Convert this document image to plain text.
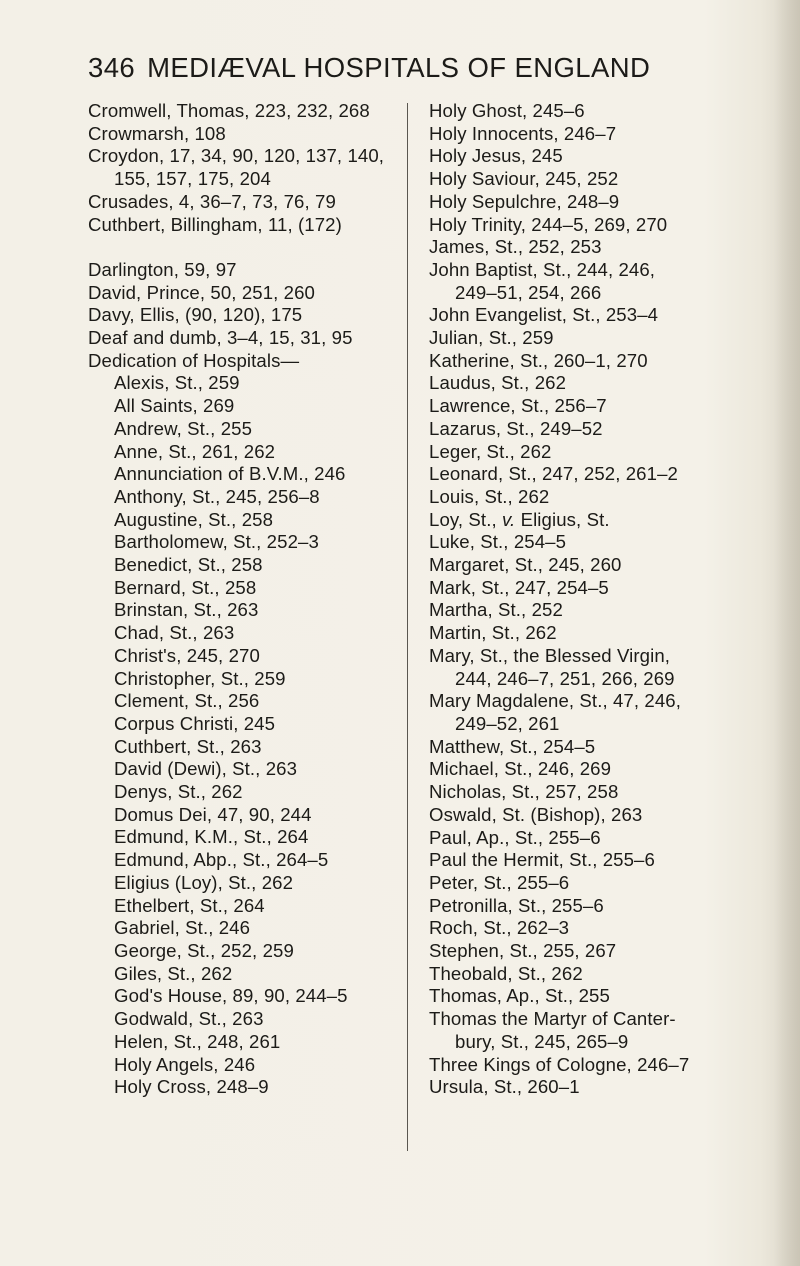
346 MEDIÆVAL HOSPITALS OF ENGLAND
Cromwell, Thomas, 223, 232, 268
Crowmarsh, 108
Croydon, 17, 34, 90, 120, 137, 140,
155, 157, 175, 204
Crusades, 4, 36–7, 73, 76, 79
Cuthbert, Billingham, 11, (172)
Darlington, 59, 97
David, Prince, 50, 251, 260
Davy, Ellis, (90, 120), 175
Deaf and dumb, 3–4, 15, 31, 95
Dedication of Hospitals—
Alexis, St., 259
All Saints, 269
Andrew, St., 255
Anne, St., 261, 262
Annunciation of B.V.M., 246
Anthony, St., 245, 256–8
Augustine, St., 258
Bartholomew, St., 252–3
Benedict, St., 258
Bernard, St., 258
Brinstan, St., 263
Chad, St., 263
Christ's, 245, 270
Christopher, St., 259
Clement, St., 256
Corpus Christi, 245
Cuthbert, St., 263
David (Dewi), St., 263
Denys, St., 262
Domus Dei, 47, 90, 244
Edmund, K.M., St., 264
Edmund, Abp., St., 264–5
Eligius (Loy), St., 262
Ethelbert, St., 264
Gabriel, St., 246
George, St., 252, 259
Giles, St., 262
God's House, 89, 90, 244–5
Godwald, St., 263
Helen, St., 248, 261
Holy Angels, 246
Holy Cross, 248–9
Holy Ghost, 245–6
Holy Innocents, 246–7
Holy Jesus, 245
Holy Saviour, 245, 252
Holy Sepulchre, 248–9
Holy Trinity, 244–5, 269, 270
James, St., 252, 253
John Baptist, St., 244, 246,
249–51, 254, 266
John Evangelist, St., 253–4
Julian, St., 259
Katherine, St., 260–1, 270
Laudus, St., 262
Lawrence, St., 256–7
Lazarus, St., 249–52
Leger, St., 262
Leonard, St., 247, 252, 261–2
Louis, St., 262
Loy, St., v. Eligius, St.
Luke, St., 254–5
Margaret, St., 245, 260
Mark, St., 247, 254–5
Martha, St., 252
Martin, St., 262
Mary, St., the Blessed Virgin,
244, 246–7, 251, 266, 269
Mary Magdalene, St., 47, 246,
249–52, 261
Matthew, St., 254–5
Michael, St., 246, 269
Nicholas, St., 257, 258
Oswald, St. (Bishop), 263
Paul, Ap., St., 255–6
Paul the Hermit, St., 255–6
Peter, St., 255–6
Petronilla, St., 255–6
Roch, St., 262–3
Stephen, St., 255, 267
Theobald, St., 262
Thomas, Ap., St., 255
Thomas the Martyr of Canter-
bury, St., 245, 265–9
Three Kings of Cologne, 246–7
Ursula, St., 260–1
